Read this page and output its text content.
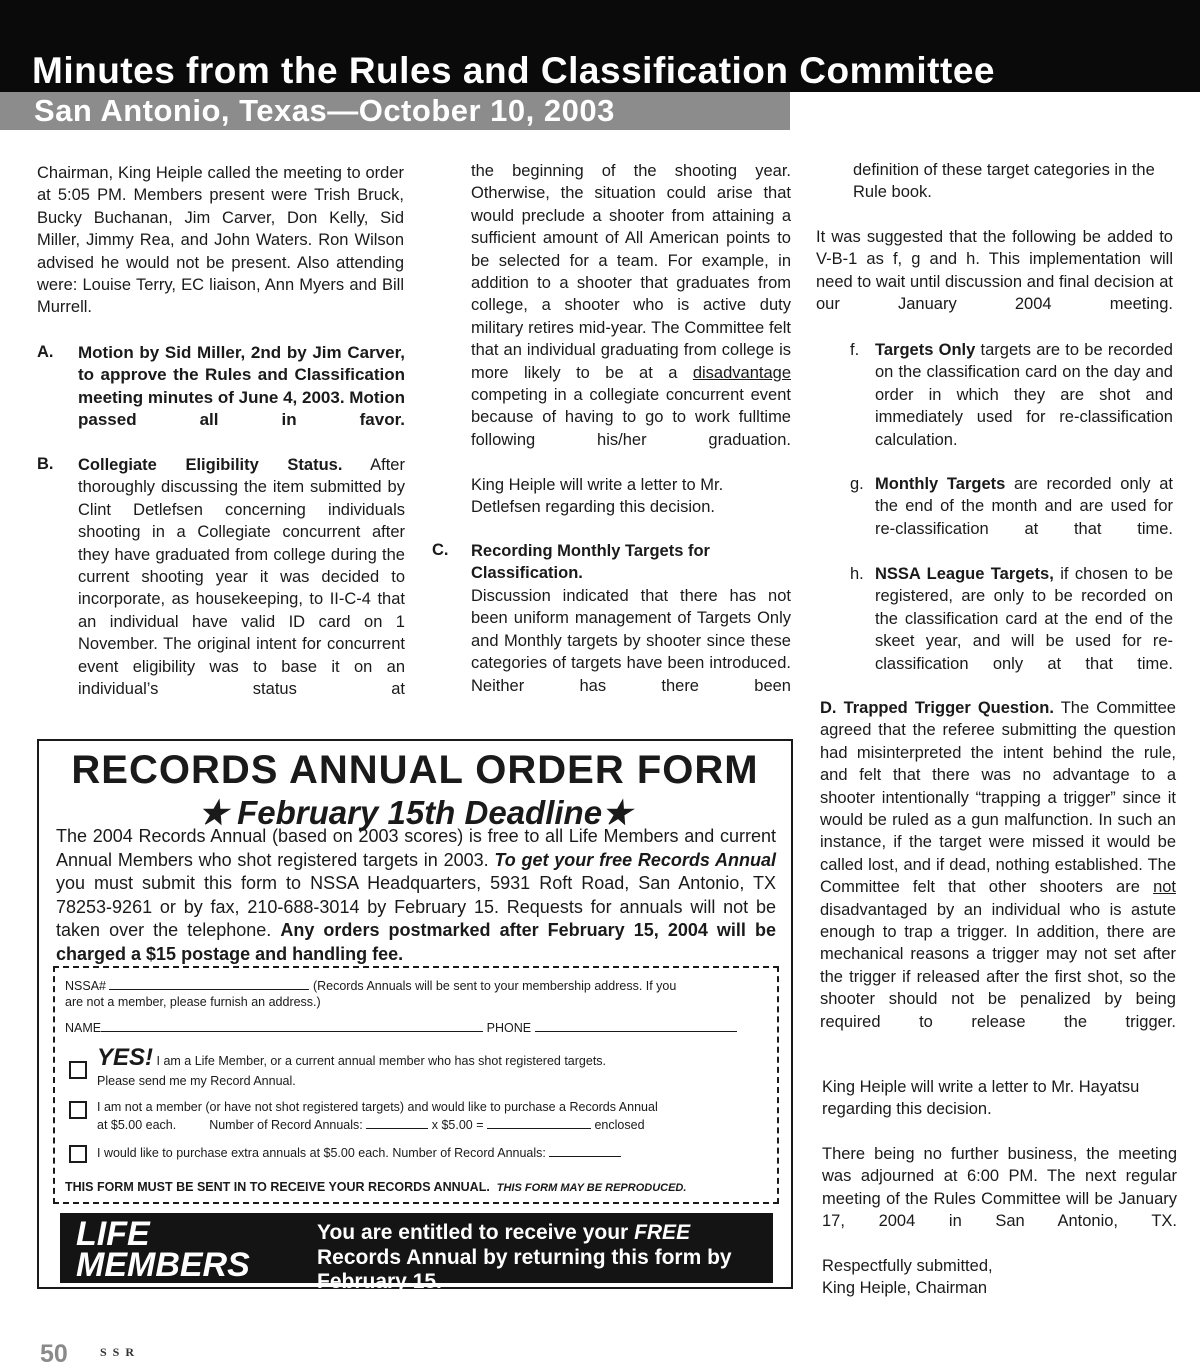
Minutes from the Rules and Classification Committee
San Antonio, Texas—October 10, 2003
Chairman, King Heiple called the meeting to order at 5:05 PM. Members present were Trish Bruck, Bucky Buchanan, Jim Carver, Don Kelly, Sid Miller, Jimmy Rea, and John Waters. Ron Wilson advised he would not be present. Also attending were: Louise Terry, EC liaison, Ann Myers and Bill Murrell.
A. Motion by Sid Miller, 2nd by Jim Carver, to approve the Rules and Classification meeting minutes of June 4, 2003. Motion passed all in favor.
B. Collegiate Eligibility Status. After thoroughly discussing the item submitted by Clint Detlefsen concerning individuals shooting in a Collegiate concurrent after they have graduated from college during the current shooting year it was decided to incorporate, as housekeeping, to II-C-4 that an individual have valid ID card on 1 November. The original intent for concurrent event eligibility was to base it on an individual’s status at
the beginning of the shooting year. Otherwise, the situation could arise that would preclude a shooter from attaining a sufficient amount of All American points to be selected for a team. For example, in addition to a shooter that graduates from college, a shooter who is active duty military retires mid-year. The Committee felt that an individual graduating from college is more likely to be at a disadvantage competing in a collegiate concurrent event because of having to go to work fulltime following his/her graduation.
King Heiple will write a letter to Mr. Detlefsen regarding this decision.
C. Recording Monthly Targets for Classification.
Discussion indicated that there has not been uniform management of Targets Only and Monthly targets by shooter since these categories of targets have been introduced. Neither has there been
definition of these target categories in the Rule book.
It was suggested that the following be added to V-B-1 as f, g and h. This implementation will need to wait until discussion and final decision at our January 2004 meeting.
f. Targets Only targets are to be recorded on the classification card on the day and order in which they are shot and immediately used for re-classification calculation.
g. Monthly Targets are recorded only at the end of the month and are used for re-classification at that time.
h. NSSA League Targets, if chosen to be registered, are only to be recorded on the classification card at the end of the skeet year, and will be used for re-classification only at that time.
D. Trapped Trigger Question. The Committee agreed that the referee submitting the question had misinterpreted the intent behind the rule, and felt that there was no advantage to a shooter intentionally “trapping a trigger” since it would be ruled as a gun malfunction. In such an instance, if the target were missed it would be called lost, and if dead, nothing established. The Committee felt that other shooters are not disadvantaged by an individual who is astute enough to trap a trigger. In addition, there are mechanical reasons a trigger may not set after the trigger if released after the first shot, so the shooter should not be penalized by being required to release the trigger.
King Heiple will write a letter to Mr. Hayatsu regarding this decision.
There being no further business, the meeting was adjourned at 6:00 PM. The next regular meeting of the Rules Committee will be January 17, 2004 in San Antonio, TX.
Respectfully submitted,
King Heiple, Chairman
RECORDS ANNUAL ORDER FORM
★ February 15th Deadline★
The 2004 Records Annual (based on 2003 scores) is free to all Life Members and current Annual Members who shot registered targets in 2003. To get your free Records Annual you must submit this form to NSSA Headquarters, 5931 Roft Road, San Antonio, TX 78253-9261 or by fax, 210-688-3014 by February 15. Requests for annuals will not be taken over the telephone. Any orders postmarked after February 15, 2004 will be charged a $15 postage and handling fee.
NSSA#	(Records Annuals will be sent to your membership address. If you
are not a member, please furnish an address.)
NAME	PHONE
YES! I am a Life Member, or a current annual member who has shot registered targets.
Please send me my Record Annual.
I am not a member (or have not shot registered targets) and would like to purchase a Records Annual
at $5.00 each.	Number of Record Annuals:	x $5.00 =	enclosed
I would like to purchase extra annuals at $5.00 each. Number of Record Annuals:
THIS FORM MUST BE SENT IN TO RECEIVE YOUR RECORDS ANNUAL. THIS FORM MAY BE REPRODUCED.
LIFE
MEMBERS
You are entitled to receive your FREE Records Annual by returning this form by February 15.
50	SSR
